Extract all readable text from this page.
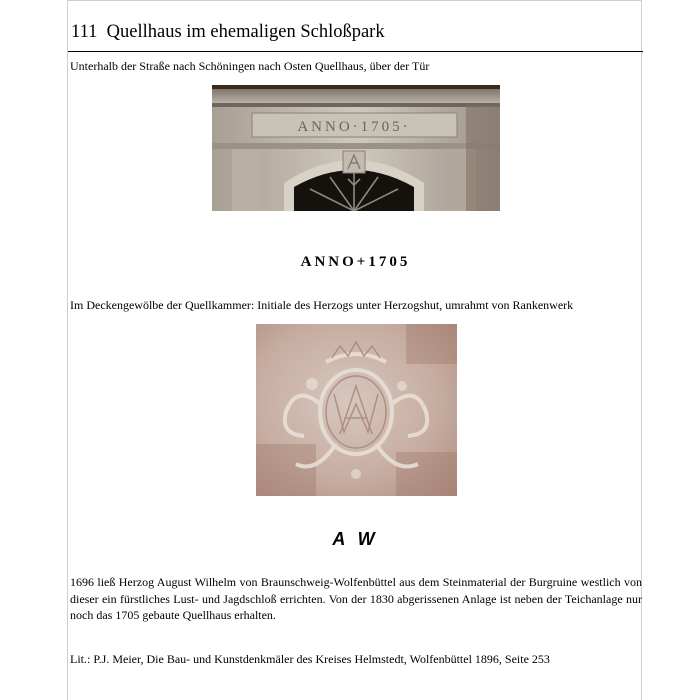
111 Quellhaus im ehemaligen Schloßpark
Unterhalb der Straße nach Schöningen nach Osten Quellhaus, über der Tür
ANNO·1705·
ANNO+1705
Im Deckengewölbe der Quellkammer: Initiale des Herzogs unter Herzogshut, umrahmt von Rankenwerk
A W
1696 ließ Herzog August Wilhelm von Braunschweig-Wolfenbüttel aus dem Steinmaterial der Burgruine westlich von dieser ein fürstliches Lust- und Jagdschloß errichten. Von der 1830 abgerissenen Anlage ist neben der Teichanlage nur noch das 1705 gebaute Quellhaus erhalten.
Lit.: P.J. Meier, Die Bau- und Kunstdenkmäler des Kreises Helmstedt, Wolfenbüttel 1896, Seite 253
